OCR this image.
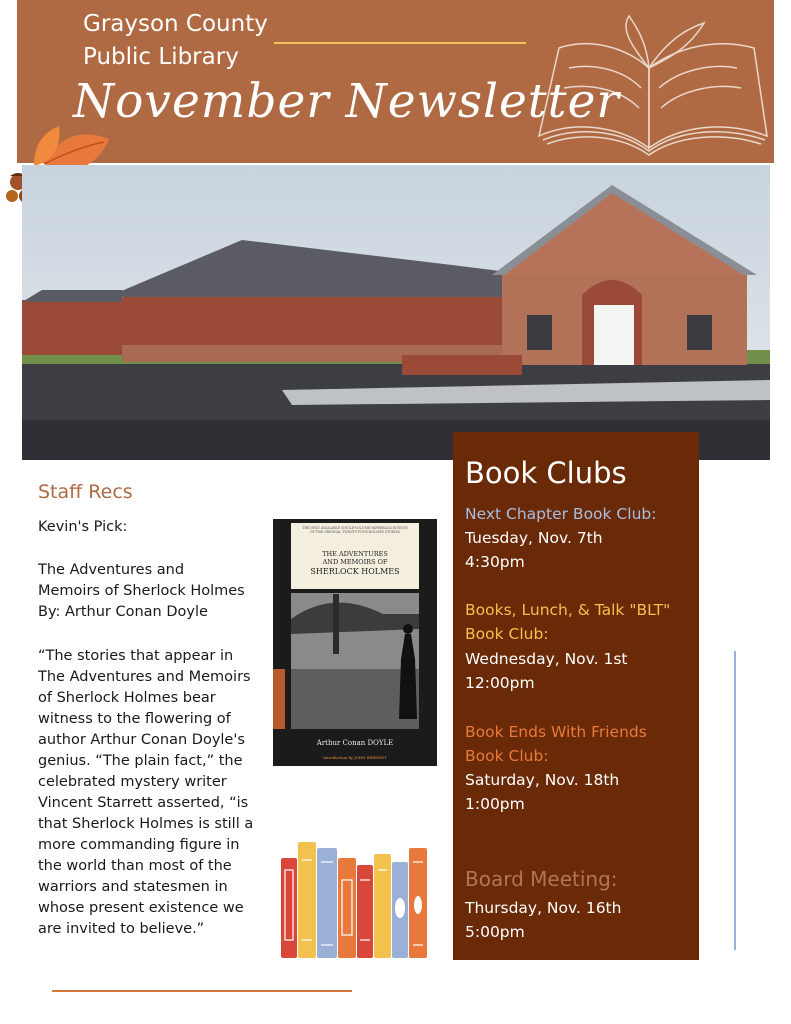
Grayson County
Public Library
November Newsletter
Staff Recs
Kevin's Pick:
The Adventures and
Memoirs of Sherlock Holmes
By: Arthur Conan Doyle
“The stories that appear in
The Adventures and Memoirs
of Sherlock Holmes bear
witness to the flowering of
author Arthur Conan Doyle's
genius. “The plain fact,” the
celebrated mystery writer
Vincent Starrett asserted, “is
that Sherlock Holmes is still a
more commanding figure in
the world than most of the
warriors and statesmen in
whose present existence we
are invited to believe.”
THE ONLY AVAILABLE SINGLE-VOLUME PAPERBACK EDITION
OF THE ORIGINAL TWENTY-FOUR HOLMES STORIES
THE ADVENTURES
AND MEMOIRS OF
SHERLOCK HOLMES
Arthur Conan DOYLE
Introduction by JOHN BERENDT
Book Clubs
Next Chapter Book Club:
Tuesday, Nov. 7th
4:30pm
Books, Lunch, & Talk "BLT"
Book Club:
Wednesday, Nov. 1st
12:00pm
Book Ends With Friends
Book Club:
Saturday, Nov. 18th
1:00pm
Board Meeting:
Thursday, Nov. 16th
5:00pm
